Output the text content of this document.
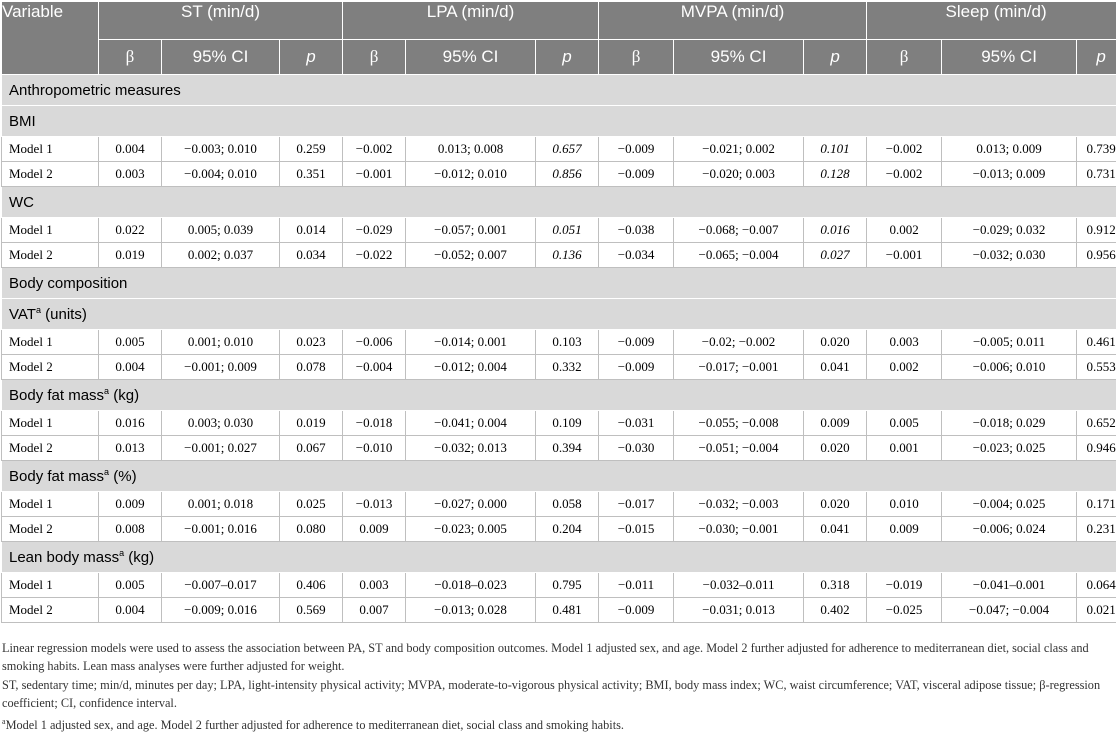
Variable	ST (min/d)			LPA (min/d)			MVPA (min/d)			Sleep (min/d)		
	β	95% CI	p	β	95% CI	p	β	95% CI	p	β	95% CI	p
Anthropometric measures												
BMI												
Model 1	0.004	−0.003; 0.010	0.259	−0.002	0.013; 0.008	0.657	−0.009	−0.021; 0.002	0.101	−0.002	0.013; 0.009	0.739
Model 2	0.003	−0.004; 0.010	0.351	−0.001	−0.012; 0.010	0.856	−0.009	−0.020; 0.003	0.128	−0.002	−0.013; 0.009	0.731
WC												
Model 1	0.022	0.005; 0.039	0.014	−0.029	−0.057; 0.001	0.051	−0.038	−0.068; −0.007	0.016	0.002	−0.029; 0.032	0.912
Model 2	0.019	0.002; 0.037	0.034	−0.022	−0.052; 0.007	0.136	−0.034	−0.065; −0.004	0.027	−0.001	−0.032; 0.030	0.956
Body composition												
VAT$^a$ (units)												
Model 1	0.005	0.001; 0.010	0.023	−0.006	−0.014; 0.001	0.103	−0.009	−0.02; −0.002	0.020	0.003	−0.005; 0.011	0.461
Model 2	0.004	−0.001; 0.009	0.078	−0.004	−0.012; 0.004	0.332	−0.009	−0.017; −0.001	0.041	0.002	−0.006; 0.010	0.553
Body fat mass$^a$ (kg)												
Model 1	0.016	0.003; 0.030	0.019	−0.018	−0.041; 0.004	0.109	−0.031	−0.055; −0.008	0.009	0.005	−0.018; 0.029	0.652
Model 2	0.013	−0.001; 0.027	0.067	−0.010	−0.032; 0.013	0.394	−0.030	−0.051; −0.004	0.020	0.001	−0.023; 0.025	0.946
Body fat mass$^a$ (%)												
Model 1	0.009	0.001; 0.018	0.025	−0.013	−0.027; 0.000	0.058	−0.017	−0.032; −0.003	0.020	0.010	−0.004; 0.025	0.171
Model 2	0.008	−0.001; 0.016	0.080	0.009	−0.023; 0.005	0.204	−0.015	−0.030; −0.001	0.041	0.009	−0.006; 0.024	0.231
Lean body mass$^a$ (kg)												
Model 1	0.005	−0.007–0.017	0.406	0.003	−0.018–0.023	0.795	−0.011	−0.032–0.011	0.318	−0.019	−0.041–0.001	0.064
Model 2	0.004	−0.009; 0.016	0.569	0.007	−0.013; 0.028	0.481	−0.009	−0.031; 0.013	0.402	−0.025	−0.047; −0.004	0.021

Linear regression models were used to assess the association between PA, ST and body composition outcomes. Model 1 adjusted sex, and age. Model 2 further adjusted for adherence to mediterranean diet, social class and smoking habits. Lean mass analyses were further adjusted for weight.

ST, sedentary time; min/d, minutes per day; LPA, light-intensity physical activity; MVPA, moderate-to-vigorous physical activity; BMI, body mass index; WC, waist circumference; VAT, visceral adipose tissue; β-regression coefficient; CI, confidence interval.

$^a$Model 1 adjusted sex, and age. Model 2 further adjusted for adherence to mediterranean diet, social class and smoking habits.
